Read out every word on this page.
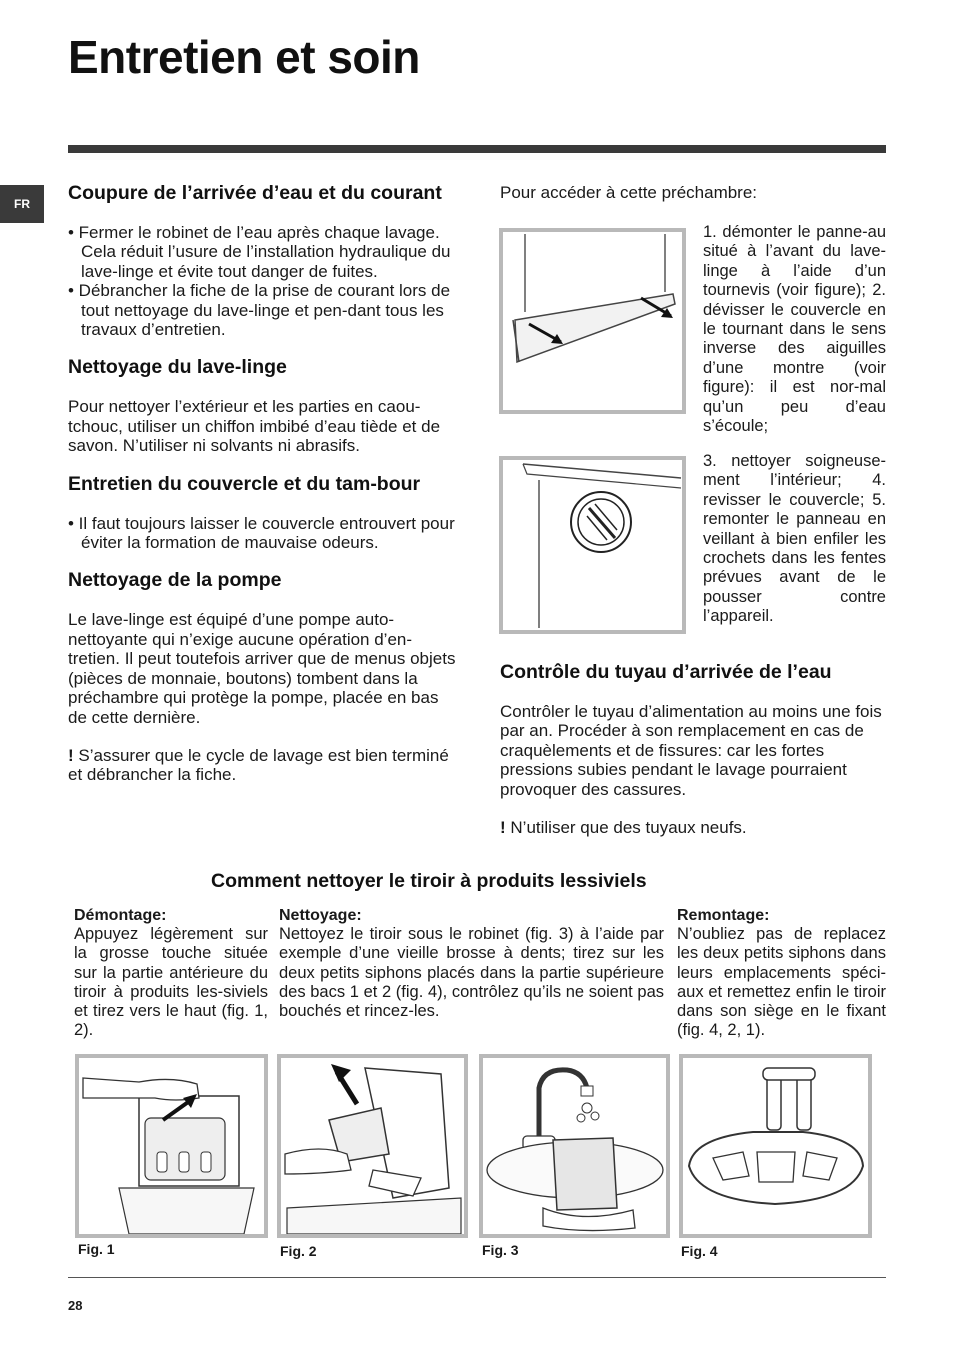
Entretien et soin
FR	Coupure de l’arrivée d’eau et du courant

• Fermer le robinet de l’eau après chaque lavage. Cela réduit l’usure de l’installation hydraulique du lave-linge et évite tout danger de fuites.

• Débrancher la fiche de la prise de courant lors de tout nettoyage du lave-linge et pen-dant tous les travaux d’entretien.

Nettoyage du lave-linge

Pour nettoyer l’extérieur et les parties en caou-tchouc, utiliser un chiffon imbibé d’eau tiède et de savon. N’utiliser ni solvants ni abrasifs.

Entretien du couvercle et du tam-bour

• Il faut toujours laisser le couvercle entrouvert pour éviter la formation de mauvaise odeurs.

Nettoyage de la pompe

Le lave-linge est équipé d’une pompe auto-nettoyante qui n’exige aucune opération d’en-tretien. Il peut toutefois arriver que de menus objets (pièces de monnaie, boutons) tombent dans la préchambre qui protège la pompe, placée en bas de cette dernière.

! S’assurer que le cycle de lavage est bien terminé et débrancher la fiche.

Pour accéder à cette préchambre:
1. démonter le panne-au situé à l’avant du lave-linge à l’aide d’un tournevis (voir figure); 2. dévisser le couvercle en le tournant dans le sens inverse des aiguilles d’une montre (voir figure): il est nor-mal qu’un peu d’eau s’écoule;
3. nettoyer soigneuse-ment l’intérieur; 4. revisser le couvercle; 5. remonter le panneau en veillant à bien enfiler les crochets dans les fentes prévues avant de le pousser contre l’appareil.

Contrôle du tuyau d’arrivée de l’eau

Contrôler le tuyau d’alimentation au moins une fois par an. Procéder à son remplacement en cas de craquèlements et de fissures: car les fortes pressions subies pendant le lavage pourraient provoquer des cassures.

! N’utiliser que des tuyaux neufs.

Comment nettoyer le tiroir à produits lessiviels
Démontage:
Appuyez légèrement sur la grosse touche située sur la partie antérieure du tiroir à produits les-siviels et tirez vers le haut (fig. 1, 2).
Nettoyage:
Nettoyez le tiroir sous le robinet (fig. 3) à l’aide par exemple d’une vieille brosse à dents; tirez sur les deux petits siphons placés dans la partie supérieure des bacs 1 et 2 (fig. 4), contrôlez qu’ils ne soient pas bouchés et rincez-les.
Remontage:
N’oubliez pas de replacez les deux petits siphons dans leurs emplacements spéci-aux et remettez enfin le tiroir dans son siège en le fixant (fig. 4, 2, 1).
Fig. 1	Fig. 2	Fig. 3	Fig. 4
28
